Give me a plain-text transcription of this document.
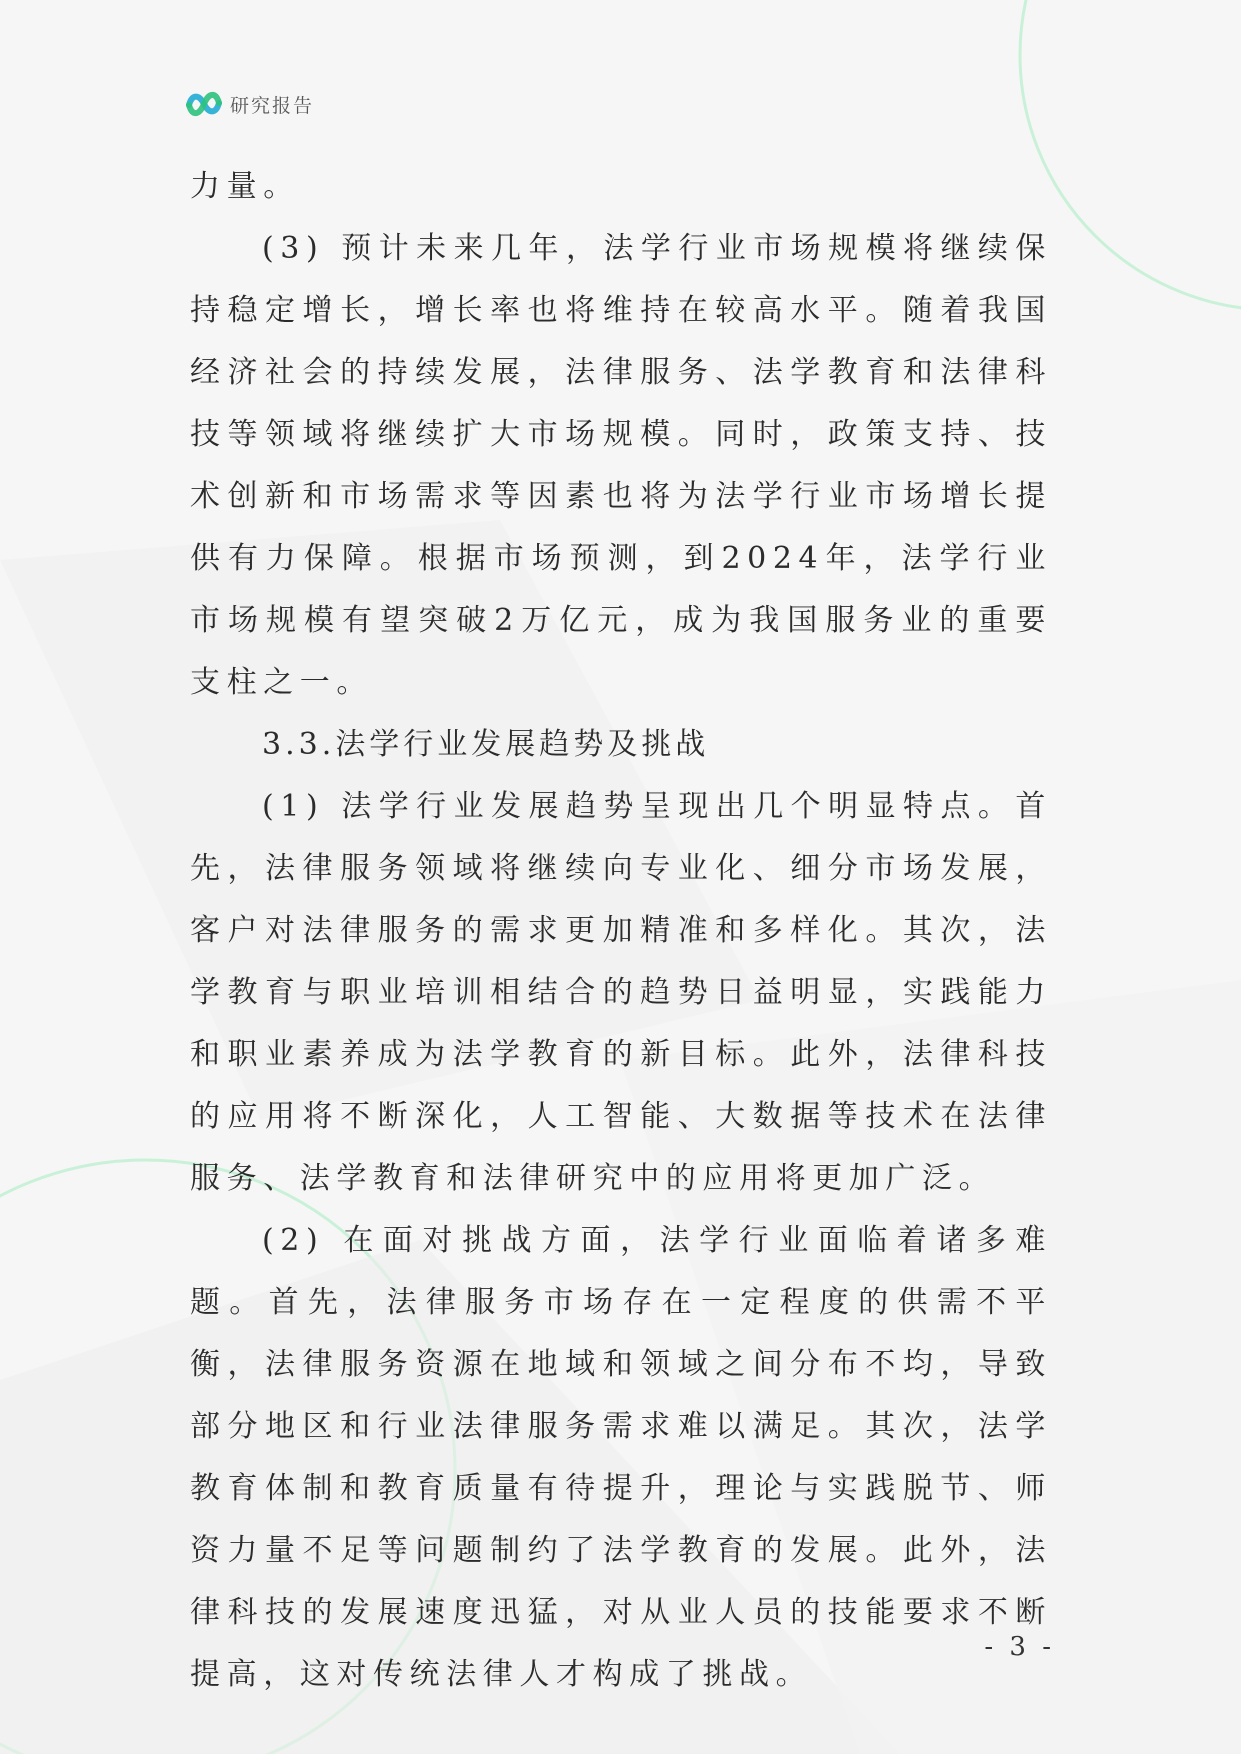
研究报告

力量。

(3) 预计未来几年，法学行业市场规模将继续保持稳定增长，增长率也将维持在较高水平。随着我国经济社会的持续发展，法律服务、法学教育和法律科技等领域将继续扩大市场规模。同时，政策支持、技术创新和市场需求等因素也将为法学行业市场增长提供有力保障。根据市场预测，到2024年，法学行业市场规模有望突破2万亿元，成为我国服务业的重要支柱之一。

3.3.法学行业发展趋势及挑战

(1) 法学行业发展趋势呈现出几个明显特点。首先，法律服务领域将继续向专业化、细分市场发展，客户对法律服务的需求更加精准和多样化。其次，法学教育与职业培训相结合的趋势日益明显，实践能力和职业素养成为法学教育的新目标。此外，法律科技的应用将不断深化，人工智能、大数据等技术在法律服务、法学教育和法律研究中的应用将更加广泛。

(2) 在面对挑战方面，法学行业面临着诸多难题。首先，法律服务市场存在一定程度的供需不平衡，法律服务资源在地域和领域之间分布不均，导致部分地区和行业法律服务需求难以满足。其次，法学教育体制和教育质量有待提升，理论与实践脱节、师资力量不足等问题制约了法学教育的发展。此外，法律科技的发展速度迅猛，对从业人员的技能要求不断提高，这对传统法律人才构成了挑战。

- 3 -
